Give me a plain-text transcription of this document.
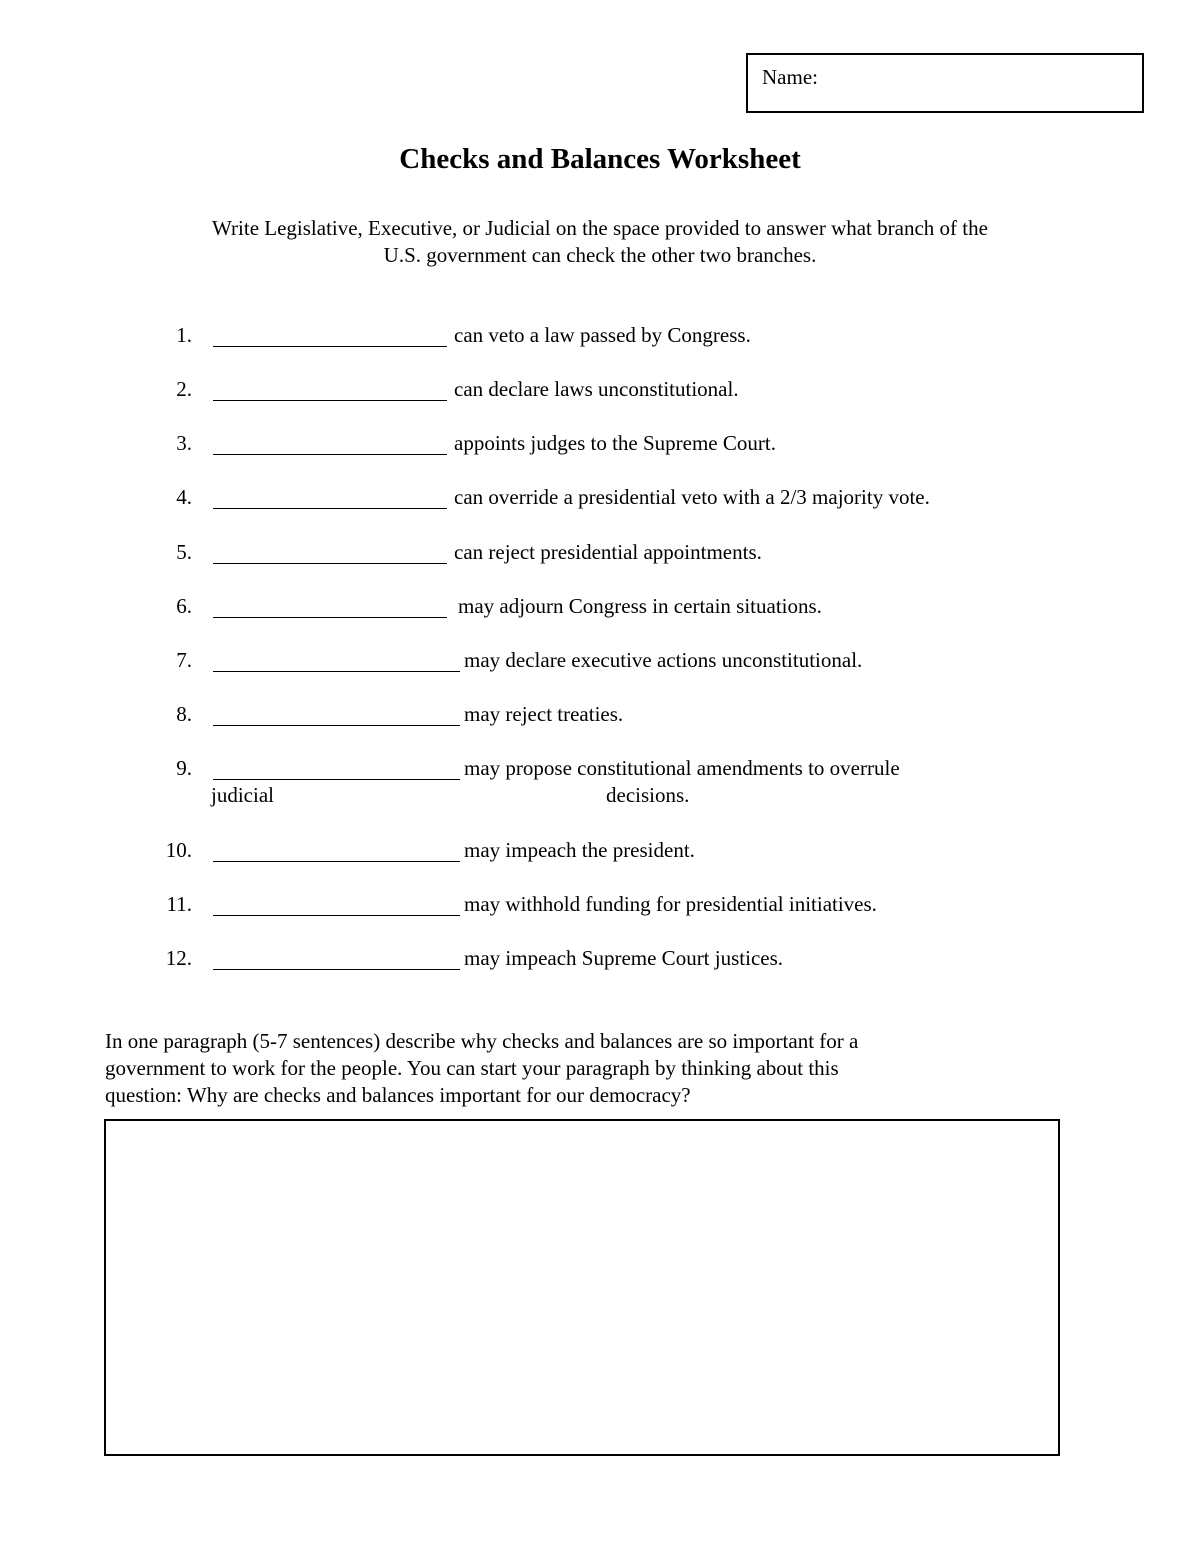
Name:
Checks and Balances Worksheet
Write Legislative, Executive, or Judicial on the space provided to answer what branch of the
U.S. government can check the other two branches.
1.	can veto a law passed by Congress.
2.	can declare laws unconstitutional.
3.	appoints judges to the Supreme Court.
4.	can override a presidential veto with a 2/3 majority vote.
5.	can reject presidential appointments.
6.	may adjourn Congress in certain situations.
7.	may declare executive actions unconstitutional.
8.	may reject treaties.
9.	may propose constitutional amendments to overrule
judicial	decisions.
10.	may impeach the president.
11.	may withhold funding for presidential initiatives.
12.	may impeach Supreme Court justices.
In one paragraph (5-7 sentences) describe why checks and balances are so important for a
government to work for the people. You can start your paragraph by thinking about this
question: Why are checks and balances important for our democracy?
